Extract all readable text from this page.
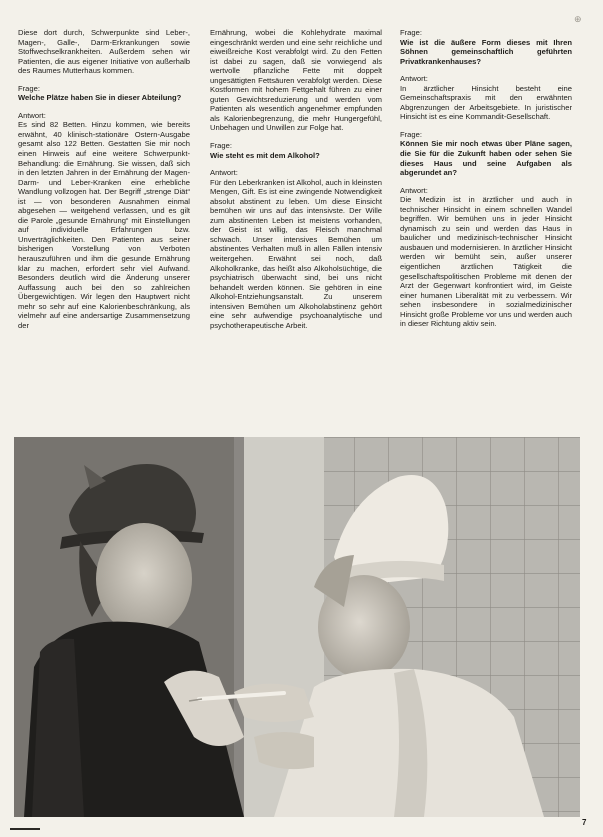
⊕

Diese dort durch, Schwerpunkte sind Leber-, Magen-, Galle-, Darm-Erkrankungen sowie Stoffwechselkrankheiten. Außerdem sehen wir Patienten, die aus eigener Initiative von außerhalb des Raumes Mutterhaus kommen.

Frage:

Welche Plätze haben Sie in dieser Abteilung?

Antwort:

Es sind 82 Betten. Hinzu kommen, wie bereits erwähnt, 40 klinisch-stationäre Ostern-Ausgabe gesamt also 122 Betten. Gestatten Sie mir noch einen Hinweis auf eine weitere Schwerpunkt-Behandlung: die Ernährung. Sie wissen, daß sich in den letzten Jahren in der Ernährung der Magen-Darm- und Leber-Kranken eine erhebliche Wandlung vollzogen hat. Der Begriff „strenge Diät“ ist — von besonderen Ausnahmen einmal abgesehen — weitgehend verlassen, und es gilt die Parole „gesunde Ernährung“ mit Einstellungen auf individuelle Erfahrungen bzw. Unverträglichkeiten. Den Patienten aus seiner bisherigen Vorstellung von Verboten herauszuführen und ihm die gesunde Ernährung klar zu machen, erfordert sehr viel Aufwand. Besonders deutlich wird die Änderung unserer Auffassung auch bei den so zahlreichen Übergewichtigen. Wir legen den Hauptwert nicht mehr so sehr auf eine Kalorienbeschränkung, als vielmehr auf eine andersartige Zusammensetzung der

Ernährung, wobei die Kohlehydrate maximal eingeschränkt werden und eine sehr reichliche und eiweißreiche Kost verabfolgt wird. Zu den Fetten ist dabei zu sagen, daß sie vorwiegend als wertvolle pflanzliche Fette mit doppelt ungesättigten Fettsäuren verabfolgt werden. Diese Kostformen mit hohem Fettgehalt führen zu einer guten Gewichtsreduzierung und werden vom Patienten als wesentlich angenehmer empfunden als Kalorienbegrenzung, die mehr Hungergefühl, Unbehagen und Unwillen zur Folge hat.

Frage:

Wie steht es mit dem Alkohol?

Antwort:

Für den Leberkranken ist Alkohol, auch in kleinsten Mengen, Gift. Es ist eine zwingende Notwendigkeit absolut abstinent zu leben. Um diese Einsicht bemühen wir uns auf das intensivste. Der Wille zum abstinenten Leben ist meistens vorhanden, der Geist ist willig, das Fleisch manchmal schwach. Unser intensives Bemühen um abstinentes Verhalten muß in allen Fällen intensiv weitergehen. Erwähnt sei noch, daß Alkoholkranke, das heißt also Alkoholsüchtige, die psychiatrisch überwacht sind, bei uns nicht behandelt werden können. Sie gehören in eine Alkohol-Entziehungsanstalt. Zu unserem intensiven Bemühen um Alkoholabstinenz gehört eine sehr aufwendige psychoanalytische und psychotherapeutische Arbeit.

Frage:

Wie ist die äußere Form dieses mit Ihren Söhnen gemeinschaftlich geführten Privatkrankenhauses?

Antwort:

In ärztlicher Hinsicht besteht eine Gemeinschaftspraxis mit den erwähnten Abgrenzungen der Arbeitsgebiete. In juristischer Hinsicht ist es eine Kommandit-Gesellschaft.

Frage:

Können Sie mir noch etwas über Pläne sagen, die Sie für die Zukunft haben oder sehen Sie dieses Haus und seine Aufgaben als abgerundet an?

Antwort:

Die Medizin ist in ärztlicher und auch in technischer Hinsicht in einem schnellen Wandel begriffen. Wir bemühen uns in jeder Hinsicht dynamisch zu sein und werden das Haus in baulicher und medizinisch-technischer Hinsicht ausbauen und modernisieren. In ärztlicher Hinsicht werden wir bemüht sein, außer unserer eigentlichen ärztlichen Tätigkeit die gesellschaftspolitischen Probleme mit denen der Arzt der Gegenwart konfrontiert wird, im Geiste einer humanen Liberalität mit zu verbessern. Wir sehen insbesondere in sozialmedizinischer Hinsicht große Probleme vor uns und werden auch in dieser Richtung aktiv sein.

7
